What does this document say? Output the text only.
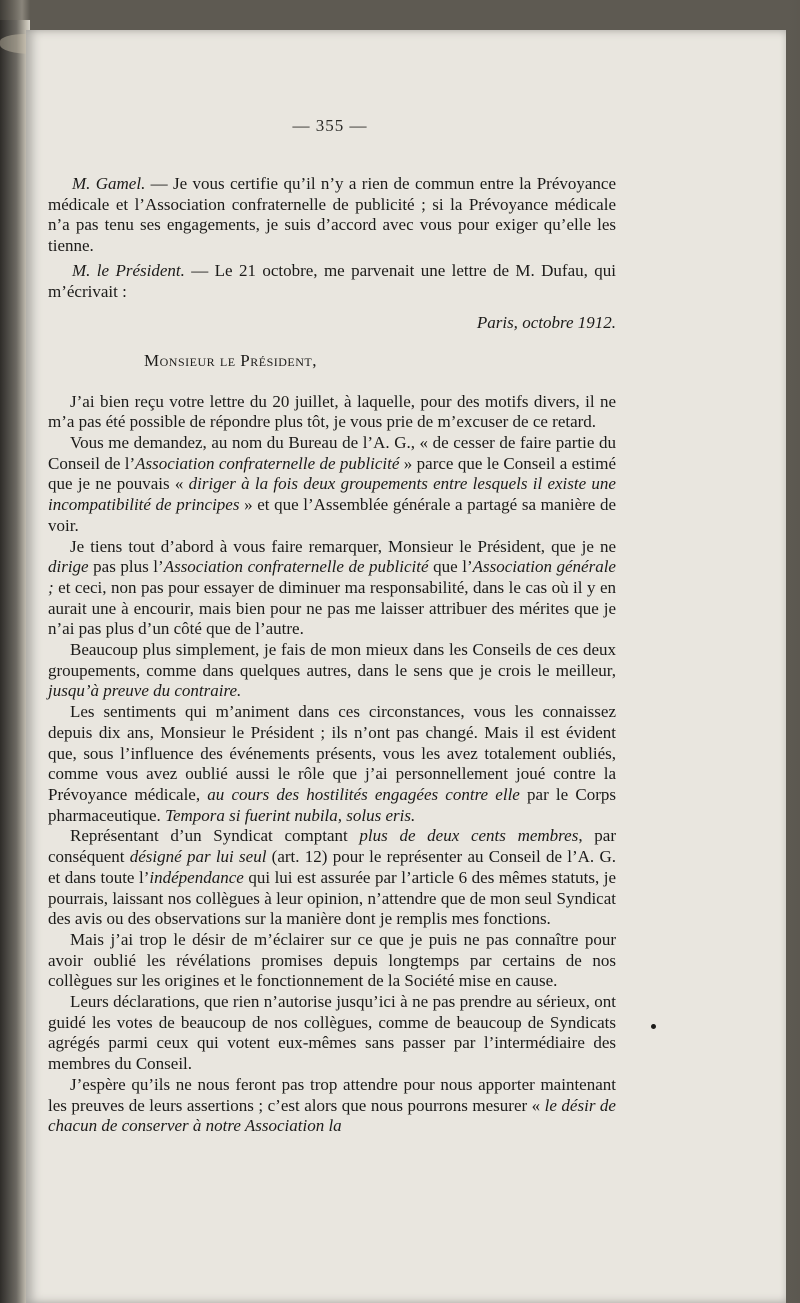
— 355 —

M. Gamel. — Je vous certifie qu’il n’y a rien de commun entre la Prévoyance médicale et l’Association confraternelle de publicité ; si la Prévoyance médicale n’a pas tenu ses engagements, je suis d’accord avec vous pour exiger qu’elle les tienne.

M. le Président. — Le 21 octobre, me parvenait une lettre de M. Dufau, qui m’écrivait :

Paris, octobre 1912.

Monsieur le Président,

J’ai bien reçu votre lettre du 20 juillet, à laquelle, pour des motifs divers, il ne m’a pas été possible de répondre plus tôt, je vous prie de m’excuser de ce retard.

Vous me demandez, au nom du Bureau de l’A. G., « de cesser de faire partie du Conseil de l’Association confraternelle de publicité » parce que le Conseil a estimé que je ne pouvais « diriger à la fois deux groupements entre lesquels il existe une incompatibilité de principes » et que l’Assemblée générale a partagé sa manière de voir.

Je tiens tout d’abord à vous faire remarquer, Monsieur le Président, que je ne dirige pas plus l’Association confraternelle de publicité que l’Association générale ; et ceci, non pas pour essayer de diminuer ma responsabilité, dans le cas où il y en aurait une à encourir, mais bien pour ne pas me laisser attribuer des mérites que je n’ai pas plus d’un côté que de l’autre.

Beaucoup plus simplement, je fais de mon mieux dans les Conseils de ces deux groupements, comme dans quelques autres, dans le sens que je crois le meilleur, jusqu’à preuve du contraire.

Les sentiments qui m’animent dans ces circonstances, vous les connaissez depuis dix ans, Monsieur le Président ; ils n’ont pas changé. Mais il est évident que, sous l’influence des événements présents, vous les avez totalement oubliés, comme vous avez oublié aussi le rôle que j’ai personnellement joué contre la Prévoyance médicale, au cours des hostilités engagées contre elle par le Corps pharmaceutique. Tempora si fuerint nubila, solus eris.

Représentant d’un Syndicat comptant plus de deux cents membres, par conséquent désigné par lui seul (art. 12) pour le représenter au Conseil de l’A. G. et dans toute l’indépendance qui lui est assurée par l’article 6 des mêmes statuts, je pourrais, laissant nos collègues à leur opinion, n’attendre que de mon seul Syndicat des avis ou des observations sur la manière dont je remplis mes fonctions.

Mais j’ai trop le désir de m’éclairer sur ce que je puis ne pas connaître pour avoir oublié les révélations promises depuis longtemps par certains de nos collègues sur les origines et le fonctionnement de la Société mise en cause.

Leurs déclarations, que rien n’autorise jusqu’ici à ne pas prendre au sérieux, ont guidé les votes de beaucoup de nos collègues, comme de beaucoup de Syndicats agrégés parmi ceux qui votent eux-mêmes sans passer par l’intermédiaire des membres du Conseil.

J’espère qu’ils ne nous feront pas trop attendre pour nous apporter maintenant les preuves de leurs assertions ; c’est alors que nous pourrons mesurer « le désir de chacun de conserver à notre Association la
